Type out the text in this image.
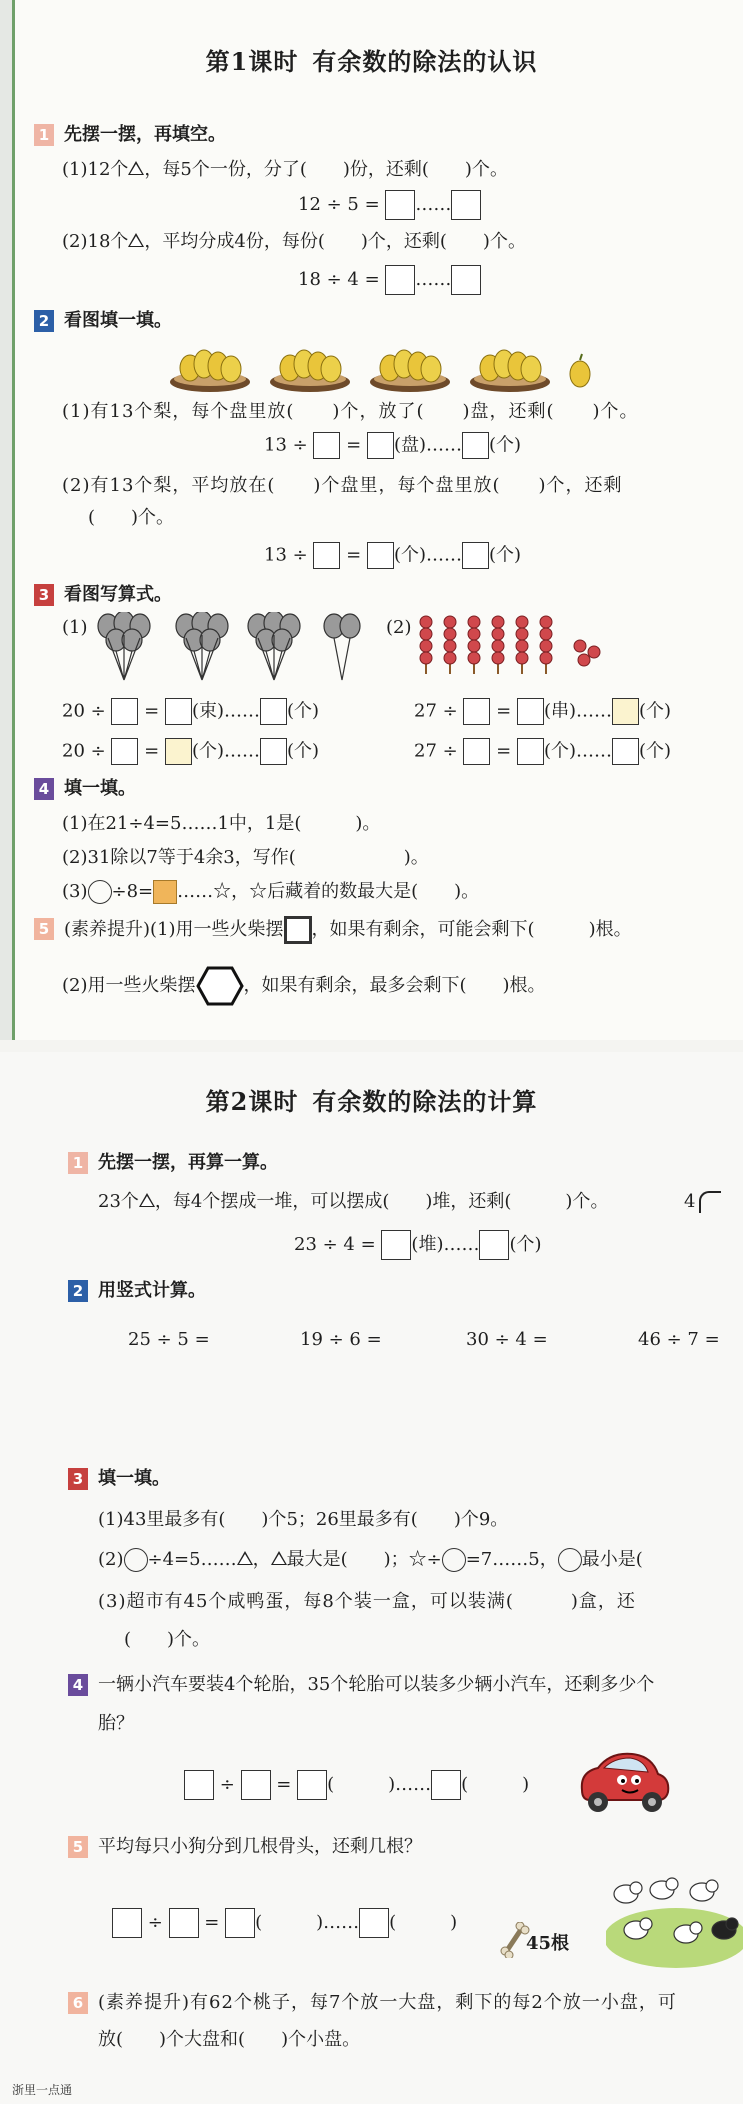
第1课时 有余数的除法的认识
1 先摆一摆，再填空。
(1)12个 ，每5个一份，分了(　　)份，还剩(　　)个。
12 ÷ 5 = ……
(2)18个 ，平均分成4份，每份(　　)个，还剩(　　)个。
18 ÷ 4 = ……
2 看图填一填。
(1)有13个梨，每个盘里放(　　)个，放了(　　)盘，还剩(　　)个。
13 ÷  = (盘)…… (个)
(2)有13个梨，平均放在(　　)个盘里，每个盘里放(　　)个，还剩
(　　)个。
13 ÷  = (个)…… (个)
3 看图写算式。
(1)	(2)
20 ÷  = (束)…… (个)	27 ÷  = (串)…… (个)
20 ÷  = (个)…… (个)	27 ÷  = (个)…… (个)
4 填一填。
(1)在21÷4=5……1中，1是(　　　)。
(2)31除以7等于4余3，写作(　　　　　　)。
(3) ÷8= ……☆，☆后藏着的数最大是(　　)。
5 (素养提升)(1)用一些火柴摆 ，如果有剩余，可能会剩下(　　　)根。
(2)用一些火柴摆	，如果有剩余，最多会剩下(　　)根。
第2课时 有余数的除法的计算
1 先摆一摆，再算一算。
23个 ，每4个摆成一堆，可以摆成(　　)堆，还剩(　　　)个。	4
23 ÷ 4 = (堆)…… (个)
2 用竖式计算。
25 ÷ 5 =	19 ÷ 6 =	30 ÷ 4 =	46 ÷ 7 =
3 填一填。
(1)43里最多有(　　)个5；26里最多有(　　)个9。
(2) ÷4=5…… ， 最大是(　　)；☆÷ =7……5， 最小是(
(3)超市有45个咸鸭蛋，每8个装一盒，可以装满(　　　)盒，还
(　　)个。
4 一辆小汽车要装4个轮胎，35个轮胎可以装多少辆小汽车，还剩多少个
胎？
÷  = (　　　)…… (　　　)
5 平均每只小狗分到几根骨头，还剩几根？
÷  = (　　　)…… (　　　)
45根
6 (素养提升)有62个桃子，每7个放一大盘，剩下的每2个放一小盘，可
放(　　)个大盘和(　　)个小盘。
浙里一点通
